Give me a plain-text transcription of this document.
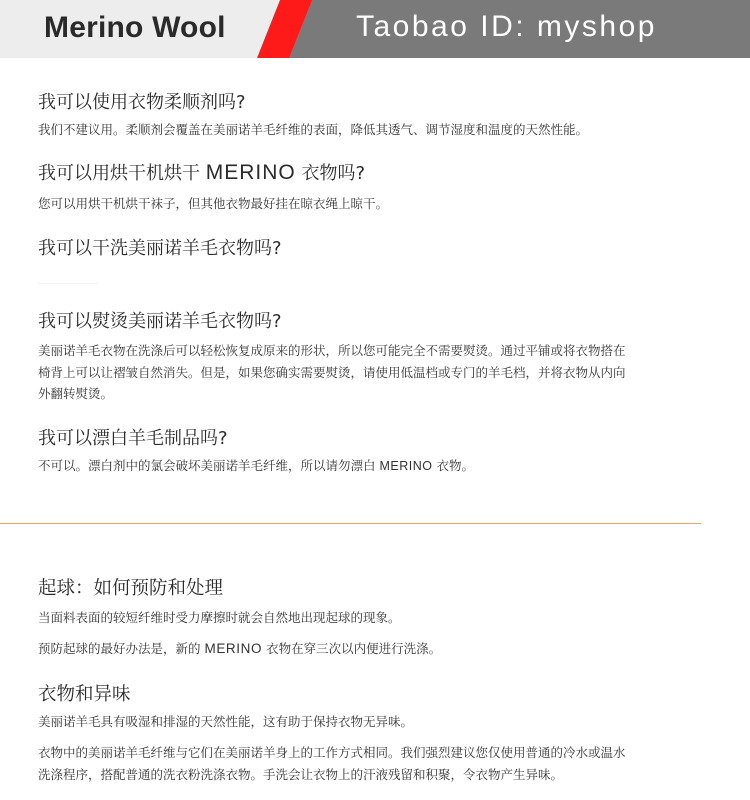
Merino Wool	Taobao ID: myshop
我可以使用衣物柔顺剂吗?

我们不建议用。柔顺剂会覆盖在美丽诺羊毛纤维的表面，降低其透气、调节湿度和温度的天然性能。

我可以用烘干机烘干 MERINO 衣物吗?

您可以用烘干机烘干袜子，但其他衣物最好挂在晾衣绳上晾干。

我可以干洗美丽诺羊毛衣物吗?
我可以熨烫美丽诺羊毛衣物吗?

美丽诺羊毛衣物在洗涤后可以轻松恢复成原来的形状，所以您可能完全不需要熨烫。通过平铺或将衣物搭在
椅背上可以让褶皱自然消失。但是，如果您确实需要熨烫，请使用低温档或专门的羊毛档，并将衣物从内向
外翻转熨烫。

我可以漂白羊毛制品吗?

不可以。漂白剂中的氯会破坏美丽诺羊毛纤维，所以请勿漂白 MERINO 衣物。

起球：如何预防和处理

当面料表面的较短纤维时受力摩擦时就会自然地出现起球的现象。

预防起球的最好办法是，新的 MERINO 衣物在穿三次以内便进行洗涤。

衣物和异味

美丽诺羊毛具有吸湿和排湿的天然性能，这有助于保持衣物无异味。

衣物中的美丽诺羊毛纤维与它们在美丽诺羊身上的工作方式相同。我们强烈建议您仅使用普通的冷水或温水
洗涤程序，搭配普通的洗衣粉洗涤衣物。手洗会让衣物上的汗液残留和积聚，令衣物产生异味。
